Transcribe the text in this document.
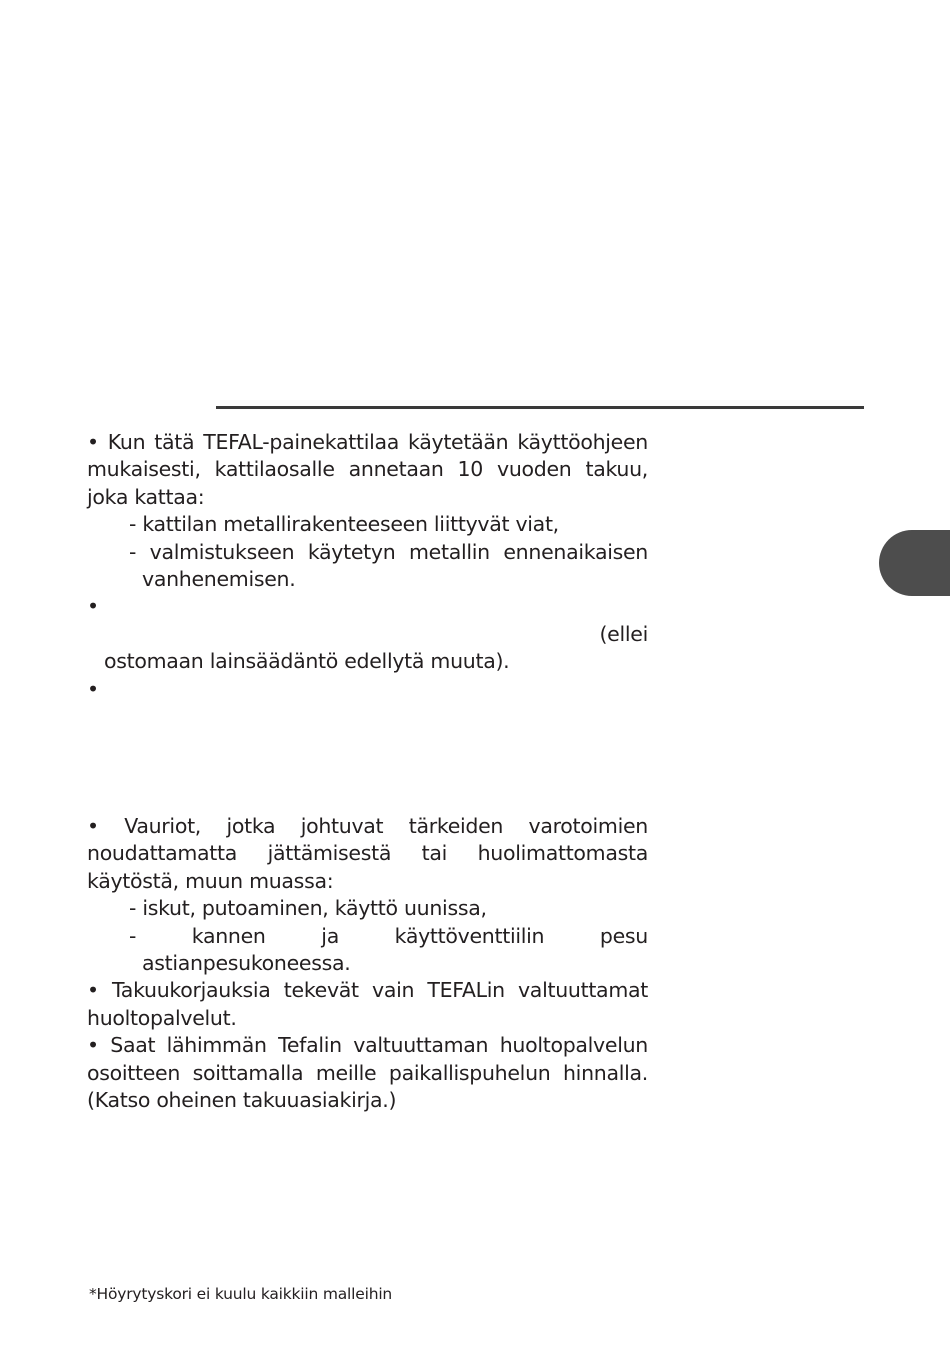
• Kun tätä TEFAL-painekattilaa käytetään käyttöohjeen mukaisesti, kattilaosalle annetaan 10 vuoden takuu, joka kattaa:

- kattilan metallirakenteeseen liittyvät viat,

- valmistukseen käytetyn metallin ennenaikaisen vanhenemisen.

•
(ellei
ostomaan lainsäädäntö edellytä muuta).
•

• Vauriot, jotka johtuvat tärkeiden varotoimien noudattamatta jättämisestä tai huolimattomasta käytöstä, muun muassa:

- iskut, putoaminen, käyttö uunissa,

- kannen ja käyttöventtiilin pesu astianpesukoneessa.

• Takuukorjauksia tekevät vain TEFALin valtuuttamat huoltopalvelut.

• Saat lähimmän Tefalin valtuuttaman huoltopalvelun osoitteen soittamalla meille paikallispuhelun hinnalla. (Katso oheinen takuuasiakirja.)

*Höyrytyskori ei kuulu kaikkiin malleihin
